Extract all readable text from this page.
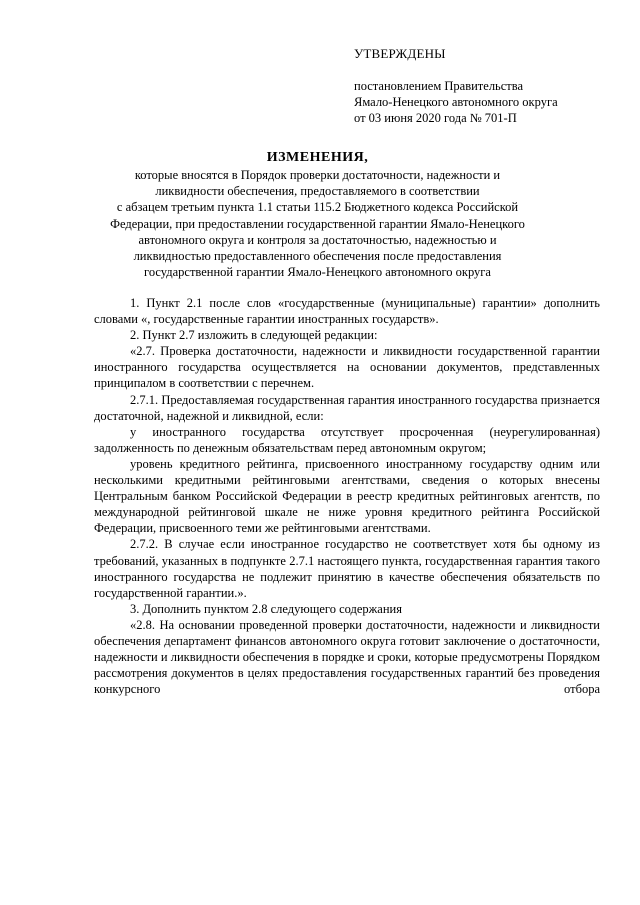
УТВЕРЖДЕНЫ
постановлением Правительства
Ямало-Ненецкого автономного округа
от 03 июня 2020 года № 701-П
ИЗМЕНЕНИЯ,
которые вносятся в Порядок проверки достаточности, надежности и
ликвидности обеспечения, предоставляемого в соответствии
с абзацем третьим пункта 1.1 статьи 115.2 Бюджетного кодекса Российской
Федерации, при предоставлении государственной гарантии Ямало-Ненецкого
автономного округа и контроля за достаточностью, надежностью и
ликвидностью предоставленного обеспечения после предоставления
государственной гарантии Ямало-Ненецкого автономного округа

1. Пункт 2.1 после слов «государственные (муниципальные) гарантии» дополнить словами «, государственные гарантии иностранных государств».

2. Пункт 2.7 изложить в следующей редакции:

«2.7. Проверка достаточности, надежности и ликвидности государственной гарантии иностранного государства осуществляется на основании документов, представленных принципалом в соответствии с перечнем.

2.7.1. Предоставляемая государственная гарантия иностранного государства признается достаточной, надежной и ликвидной, если:

у иностранного государства отсутствует просроченная (неурегулированная) задолженность по денежным обязательствам перед автономным округом;

уровень кредитного рейтинга, присвоенного иностранному государству одним или несколькими кредитными рейтинговыми агентствами, сведения о которых внесены Центральным банком Российской Федерации в реестр кредитных рейтинговых агентств, по международной рейтинговой шкале не ниже уровня кредитного рейтинга Российской Федерации, присвоенного теми же рейтинговыми агентствами.

2.7.2. В случае если иностранное государство не соответствует хотя бы одному из требований, указанных в подпункте 2.7.1 настоящего пункта, государственная гарантия такого иностранного государства не подлежит принятию в качестве обеспечения обязательств по государственной гарантии.».

3. Дополнить пунктом 2.8 следующего содержания

«2.8. На основании проведенной проверки достаточности, надежности и ликвидности обеспечения департамент финансов автономного округа готовит заключение о достаточности, надежности и ликвидности обеспечения в порядке и сроки, которые предусмотрены Порядком рассмотрения документов в целях предоставления государственных гарантий без проведения конкурсного отбора
